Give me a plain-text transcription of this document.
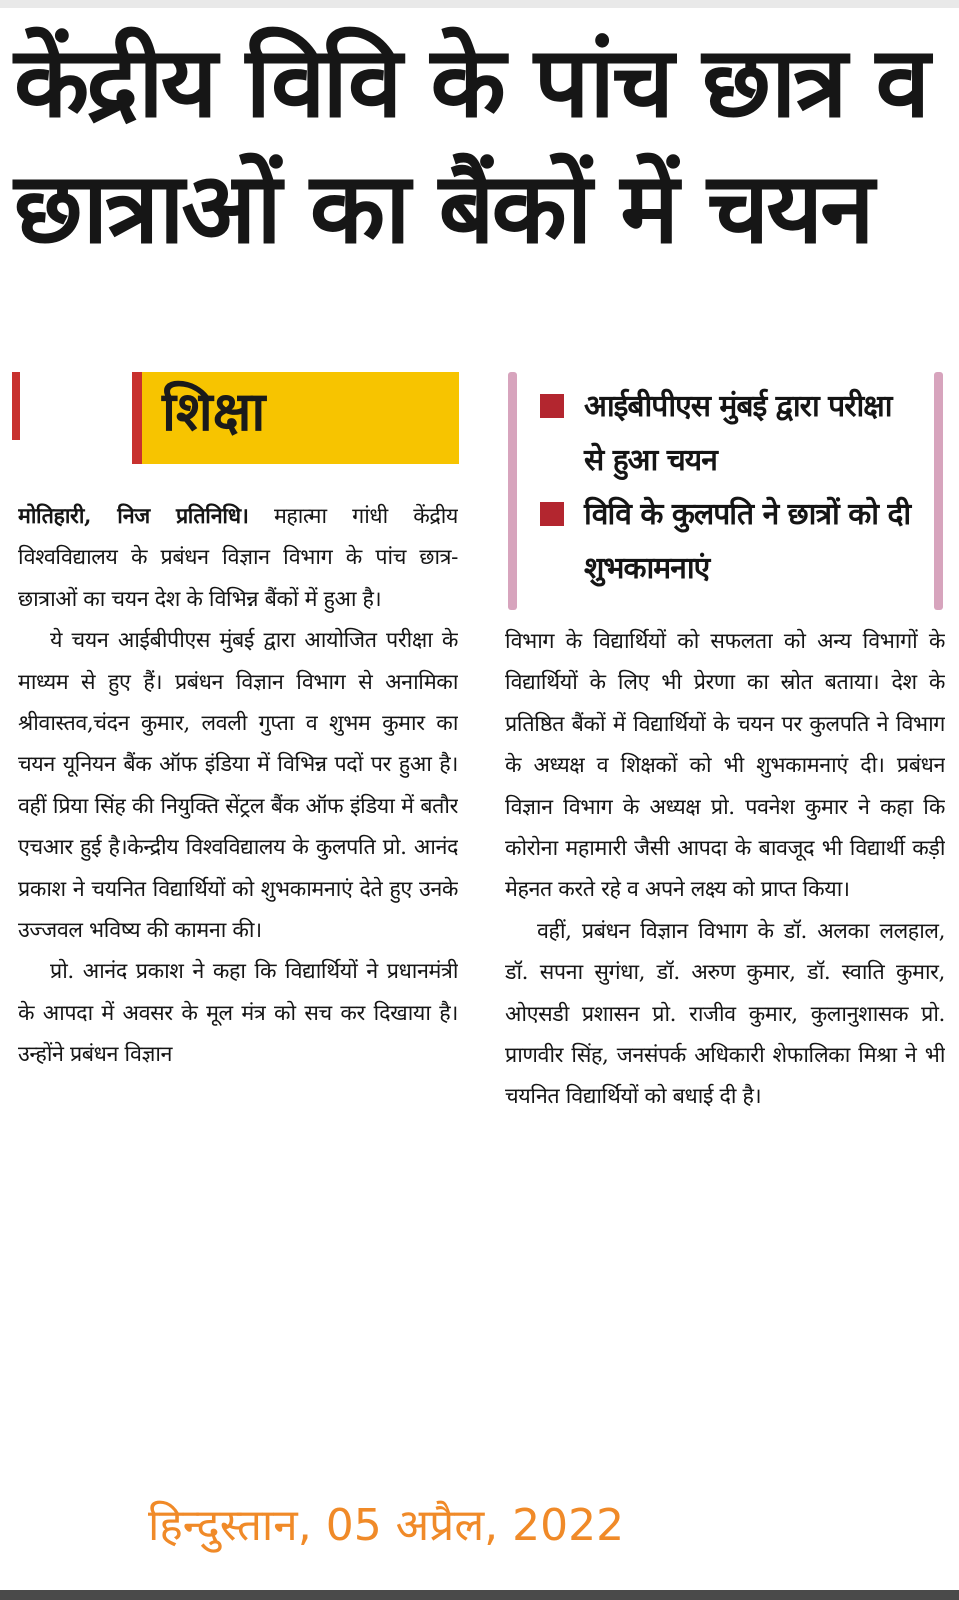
केंद्रीय विवि के पांच छात्र व
छात्राओं का बैंकों में चयन
शिक्षा	आईबीपीएस मुंबई द्वारा परीक्षा से हुआ चयन
विवि के कुलपति ने छात्रों को दी शुभकामनाएं

मोतिहारी, निज प्रतिनिधि। महात्मा गांधी केंद्रीय विश्वविद्यालय के प्रबंधन विज्ञान विभाग के पांच छात्र-छात्राओं का चयन देश के विभिन्न बैंकों में हुआ है।

ये चयन आईबीपीएस मुंबई द्वारा आयोजित परीक्षा के माध्यम से हुए हैं। प्रबंधन विज्ञान विभाग से अनामिका श्रीवास्तव,चंदन कुमार, लवली गुप्ता व शुभम कुमार का चयन यूनियन बैंक ऑफ इंडिया में विभिन्न पदों पर हुआ है। वहीं प्रिया सिंह की नियुक्ति सेंट्रल बैंक ऑफ इंडिया में बतौर एचआर हुई है।केन्द्रीय विश्वविद्यालय के कुलपति प्रो. आनंद प्रकाश ने चयनित विद्यार्थियों को शुभकामनाएं देते हुए उनके उज्जवल भविष्य की कामना की।

प्रो. आनंद प्रकाश ने कहा कि विद्यार्थियों ने प्रधानमंत्री के आपदा में अवसर के मूल मंत्र को सच कर दिखाया है। उन्होंने प्रबंधन विज्ञान

विभाग के विद्यार्थियों को सफलता को अन्य विभागों के विद्यार्थियों के लिए भी प्रेरणा का स्रोत बताया। देश के प्रतिष्ठित बैंकों में विद्यार्थियों के चयन पर कुलपति ने विभाग के अध्यक्ष व शिक्षकों को भी शुभकामनाएं दी। प्रबंधन विज्ञान विभाग के अध्यक्ष प्रो. पवनेश कुमार ने कहा कि कोरोना महामारी जैसी आपदा के बावजूद भी विद्यार्थी कड़ी मेहनत करते रहे व अपने लक्ष्य को प्राप्त किया।

वहीं, प्रबंधन विज्ञान विभाग के डॉ. अलका ललहाल, डॉ. सपना सुगंधा, डॉ. अरुण कुमार, डॉ. स्वाति कुमार, ओएसडी प्रशासन प्रो. राजीव कुमार, कुलानुशासक प्रो. प्राणवीर सिंह, जनसंपर्क अधिकारी शेफालिका मिश्रा ने भी चयनित विद्यार्थियों को बधाई दी है।

हिन्दुस्तान, 05 अप्रैल, 2022
